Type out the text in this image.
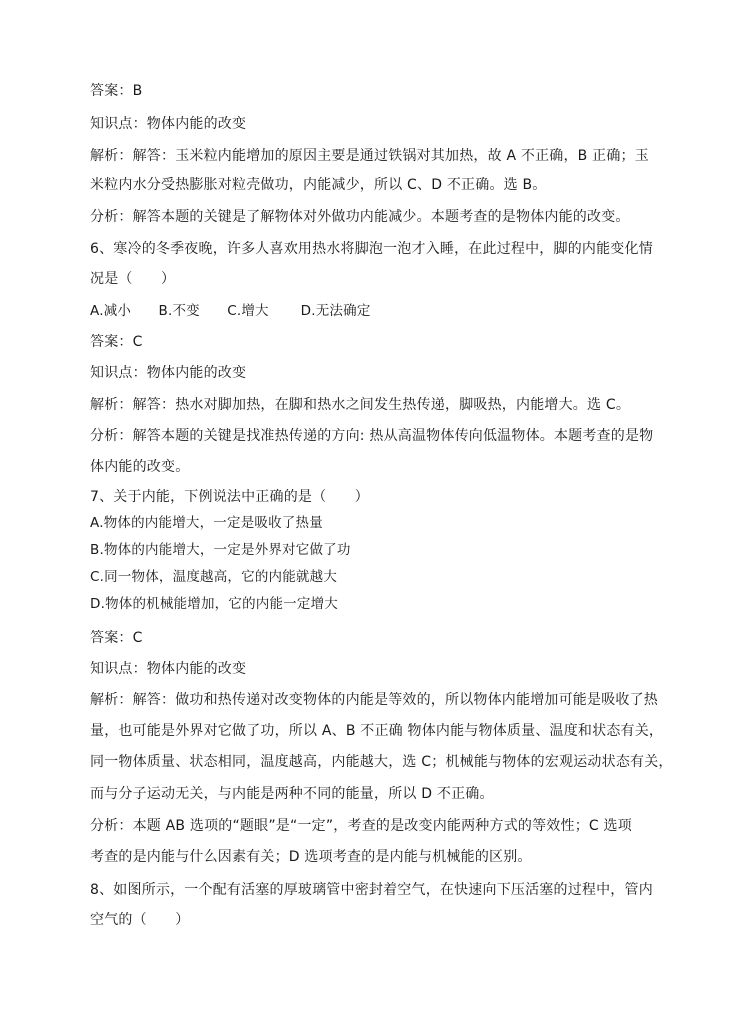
答案：B
知识点：物体内能的改变
解析：解答：玉米粒内能增加的原因主要是通过铁锅对其加热，故 A 不正确，B 正确；玉
米粒内水分受热膨胀对粒壳做功，内能减少，所以 C、D 不正确。选 B。
分析：解答本题的关键是了解物体对外做功内能减少。本题考查的是物体内能的改变。
6、寒冷的冬季夜晚，许多人喜欢用热水将脚泡一泡才入睡，在此过程中，脚的内能变化情
况是（　　）
A.减小　　B.不变　　C.增大　　 D.无法确定
答案：C
知识点：物体内能的改变
解析：解答：热水对脚加热，在脚和热水之间发生热传递，脚吸热，内能增大。选 C。
分析：解答本题的关键是找准热传递的方向: 热从高温物体传向低温物体。本题考查的是物
体内能的改变。
7、关于内能，下例说法中正确的是（　　）
A.物体的内能增大，一定是吸收了热量
B.物体的内能增大，一定是外界对它做了功
C.同一物体，温度越高，它的内能就越大
D.物体的机械能增加，它的内能一定增大
答案：C
知识点：物体内能的改变
解析：解答：做功和热传递对改变物体的内能是等效的，所以物体内能增加可能是吸收了热
量，也可能是外界对它做了功，所以 A、B 不正确 物体内能与物体质量、温度和状态有关，
同一物体质量、状态相同，温度越高，内能越大，选 C；机械能与物体的宏观运动状态有关，
而与分子运动无关，与内能是两种不同的能量，所以 D 不正确。
分析：本题 AB 选项的“题眼”是“一定”，考查的是改变内能两种方式的等效性；C 选项
考查的是内能与什么因素有关；D 选项考查的是内能与机械能的区别。
8、如图所示，一个配有活塞的厚玻璃管中密封着空气，在快速向下压活塞的过程中，管内
空气的（　　）
